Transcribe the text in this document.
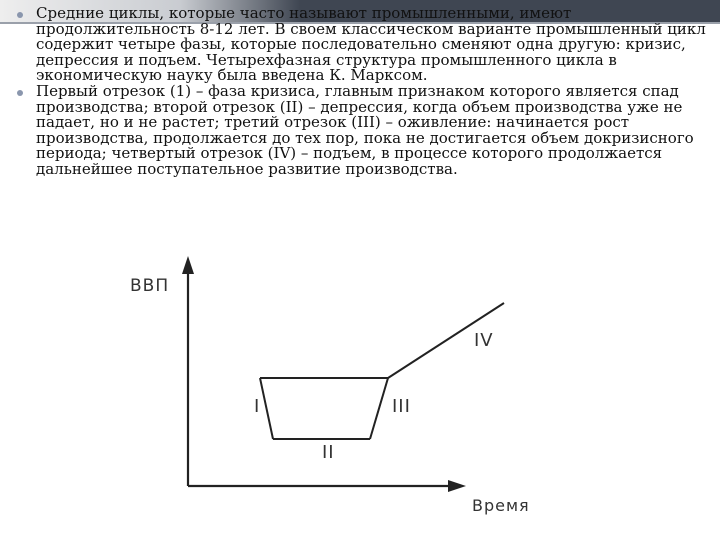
Средние циклы, которые часто называют промышленными, имеют продолжительность 8-12 лет. В своем классическом варианте промышленный цикл содержит четыре фазы, которые последовательно сменяют одна другую: кризис, депрессия и подъем. Четырехфазная структура промышленного цикла в экономическую науку была введена К. Марксом.
Первый отрезок (1) – фаза кризиса, главным признаком которого является спад производства; второй отрезок (II) – депрессия, когда объем производства уже не падает, но и не растет; третий отрезок (III) – оживление: начинается рост производства, продолжается до тех пор, пока не достигается объем докризисного периода; четвертый отрезок (IV) – подъем, в процессе которого продолжается дальнейшее поступательное развитие производства.
ВВП
Время
I
II
III
IV
